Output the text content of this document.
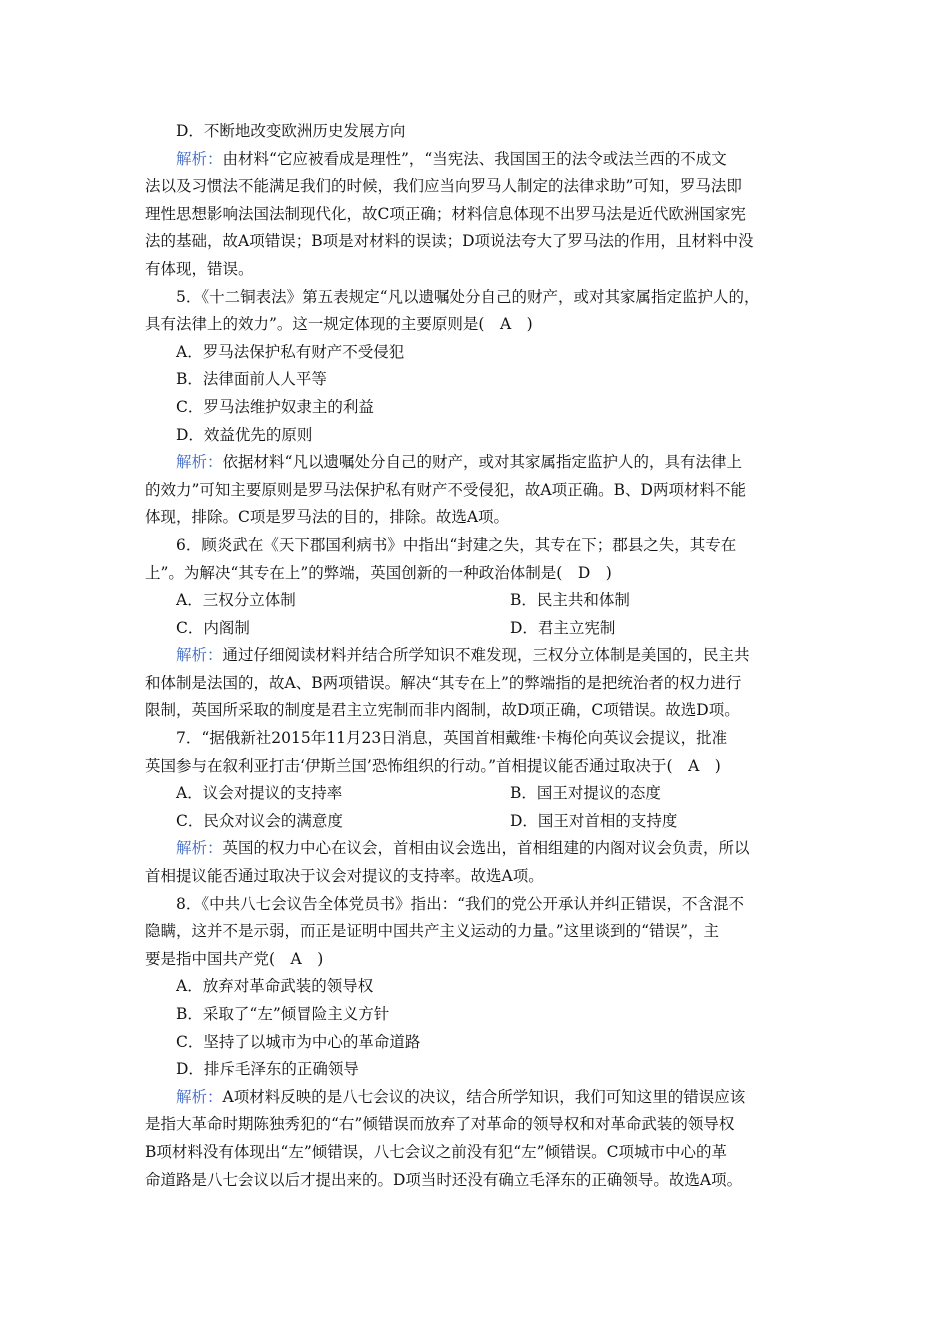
D．不断地改变欧洲历史发展方向
解析：由材料“它应被看成是理性”，“当宪法、我国国王的法令或法兰西的不成文
法以及习惯法不能满足我们的时候，我们应当向罗马人制定的法律求助”可知，罗马法即
理性思想影响法国法制现代化，故C项正确；材料信息体现不出罗马法是近代欧洲国家宪
法的基础，故A项错误；B项是对材料的误读；D项说法夸大了罗马法的作用，且材料中没
有体现，错误。
5．《十二铜表法》第五表规定“凡以遗嘱处分自己的财产，或对其家属指定监护人的，
具有法律上的效力”。这一规定体现的主要原则是(　A　)
A．罗马法保护私有财产不受侵犯
B．法律面前人人平等
C．罗马法维护奴隶主的利益
D．效益优先的原则
解析：依据材料“凡以遗嘱处分自己的财产，或对其家属指定监护人的，具有法律上
的效力”可知主要原则是罗马法保护私有财产不受侵犯，故A项正确。B、D两项材料不能
体现，排除。C项是罗马法的目的，排除。故选A项。
6．顾炎武在《天下郡国利病书》中指出“封建之失，其专在下；郡县之失，其专在
上”。为解决“其专在上”的弊端，英国创新的一种政治体制是(　D　)
A．三权分立体制	B．民主共和体制
C．内阁制	D．君主立宪制
解析：通过仔细阅读材料并结合所学知识不难发现，三权分立体制是美国的，民主共
和体制是法国的，故A、B两项错误。解决“其专在上”的弊端指的是把统治者的权力进行
限制，英国所采取的制度是君主立宪制而非内阁制，故D项正确，C项错误。故选D项。
7．“据俄新社2015年11月23日消息，英国首相戴维·卡梅伦向英议会提议，批准
英国参与在叙利亚打击‘伊斯兰国’恐怖组织的行动。”首相提议能否通过取决于(　A　)
A．议会对提议的支持率	B．国王对提议的态度
C．民众对议会的满意度	D．国王对首相的支持度
解析：英国的权力中心在议会，首相由议会选出，首相组建的内阁对议会负责，所以
首相提议能否通过取决于议会对提议的支持率。故选A项。
8．《中共八七会议告全体党员书》指出：“我们的党公开承认并纠正错误，不含混不
隐瞒，这并不是示弱，而正是证明中国共产主义运动的力量。”这里谈到的“错误”，主
要是指中国共产党(　A　)
A．放弃对革命武装的领导权
B．采取了“左”倾冒险主义方针
C．坚持了以城市为中心的革命道路
D．排斥毛泽东的正确领导
解析：A项材料反映的是八七会议的决议，结合所学知识，我们可知这里的错误应该
是指大革命时期陈独秀犯的“右”倾错误而放弃了对革命的领导权和对革命武装的领导权
B项材料没有体现出“左”倾错误，八七会议之前没有犯“左”倾错误。C项城市中心的革
命道路是八七会议以后才提出来的。D项当时还没有确立毛泽东的正确领导。故选A项。
